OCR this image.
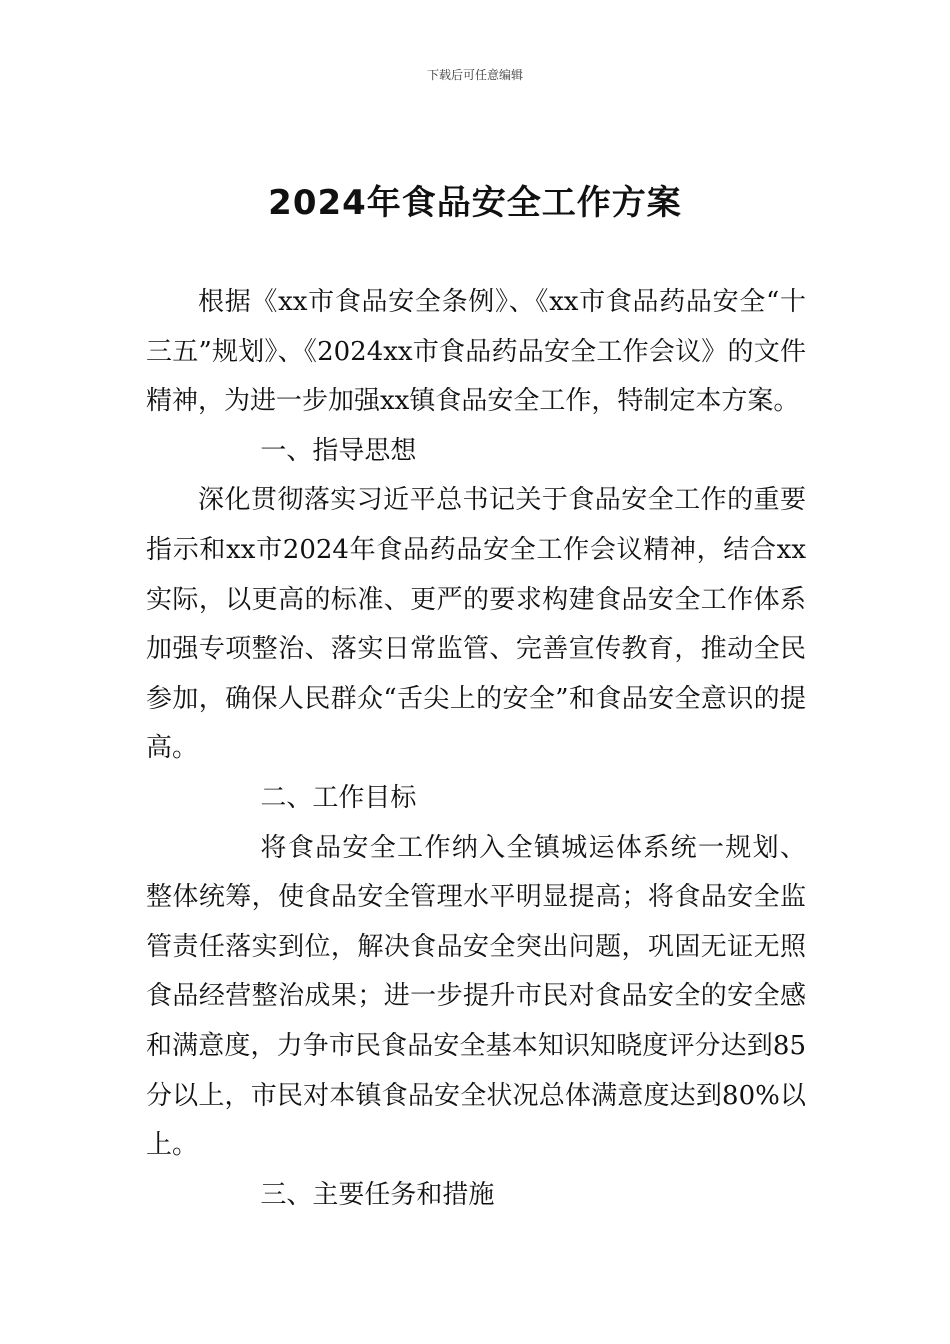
下载后可任意编辑
2024年食品安全工作方案

根据《xx市食品安全条例》、《xx市食品药品安全“十三五”规划》、《2024xx市食品药品安全工作会议》的文件精神，为进一步加强xx镇食品安全工作，特制定本方案。

一、指导思想

深化贯彻落实习近平总书记关于食品安全工作的重要指示和xx市2024年食品药品安全工作会议精神，结合xx实际，以更高的标准、更严的要求构建食品安全工作体系加强专项整治、落实日常监管、完善宣传教育，推动全民参加，确保人民群众“舌尖上的安全”和食品安全意识的提高。

二、工作目标

将食品安全工作纳入全镇城运体系统一规划、整体统筹，使食品安全管理水平明显提高；将食品安全监管责任落实到位，解决食品安全突出问题，巩固无证无照食品经营整治成果；进一步提升市民对食品安全的安全感和满意度，力争市民食品安全基本知识知晓度评分达到85分以上，市民对本镇食品安全状况总体满意度达到80%以上。

三、主要任务和措施
